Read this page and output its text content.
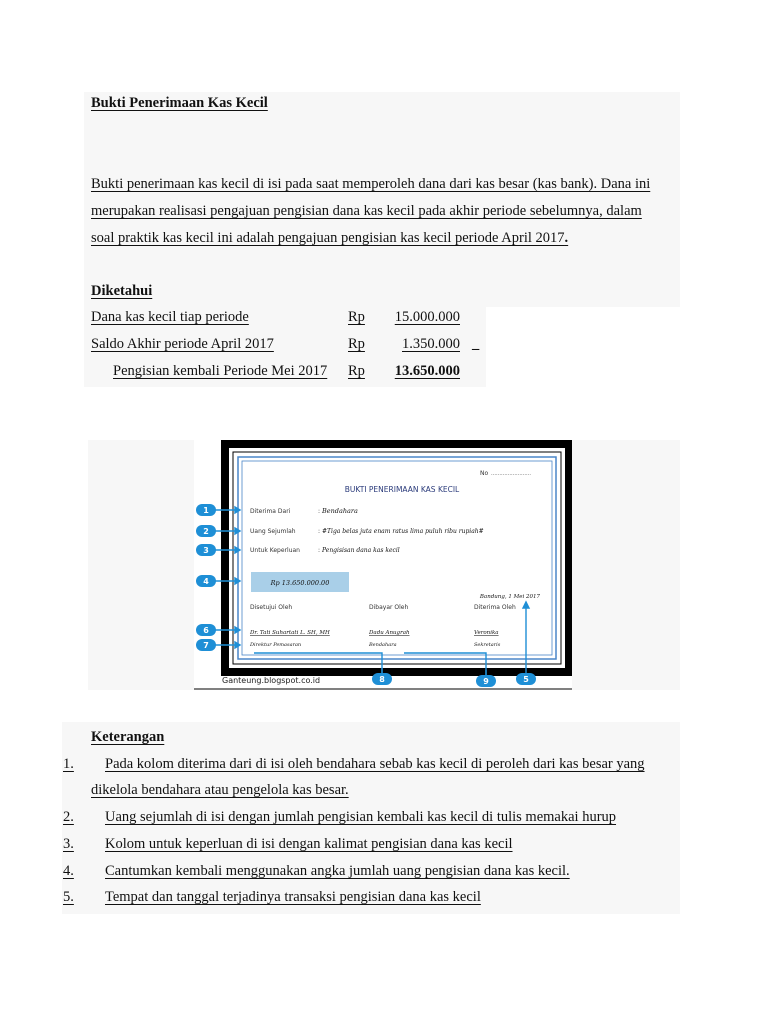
Bukti Penerimaan Kas Kecil
Bukti penerimaan kas kecil di isi pada saat memperoleh dana dari kas besar (kas bank). Dana ini
merupakan realisasi pengajuan pengisian dana kas kecil pada akhir periode sebelumnya, dalam
soal praktik kas kecil ini adalah pengajuan pengisian kas kecil periode April 2017.
Diketahui
Dana kas kecil tiap periode	Rp	15.000.000
Saldo Akhir periode April 2017	Rp	1.350.000 _
Pengisian kembali Periode Mei 2017 Rp	13.650.000
No ……………………
BUKTI PENERIMAAN KAS KECIL
Diterima Dari	: Bendahara
Uang Sejumlah	: #Tiga belas juta enam ratus lima puluh ribu rupiah#
Untuk Keperluan	: Pengisisan dana kas kecil
Rp 13.650.000.00
Bandung, 1 Mei 2017
Disetujui Oleh	Dibayar Oleh	Diterima Oleh
Dr. Tati Suhartati L. SH, MH	Dadu Anugrah	Veronika
Direktur Pemasaran	Bendahara	Sekretaris
1
2
3
4
5
6
7
8	9
Ganteung.blogspot.co.id
Keterangan
1.	Pada kolom diterima dari di isi oleh bendahara sebab kas kecil di peroleh dari kas besar yang
dikelola bendahara atau pengelola kas besar.
2.	Uang sejumlah di isi dengan jumlah pengisian kembali kas kecil di tulis memakai hurup
3.	Kolom untuk keperluan di isi dengan kalimat pengisian dana kas kecil
4.	Cantumkan kembali menggunakan angka jumlah uang pengisian dana kas kecil.
5.	Tempat dan tanggal terjadinya transaksi pengisian dana kas kecil
